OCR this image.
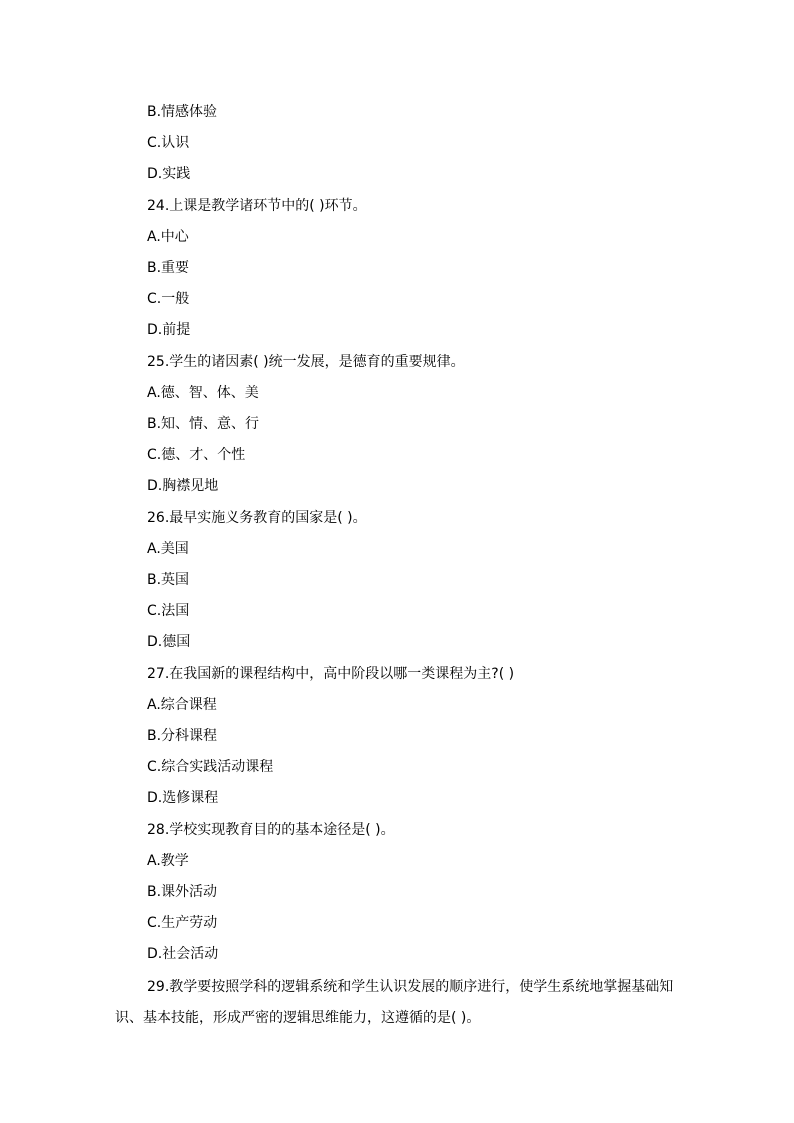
B.情感体验
C.认识
D.实践
24.上课是教学诸环节中的( )环节。
A.中心
B.重要
C.一般
D.前提
25.学生的诸因素( )统一发展，是德育的重要规律。
A.德、智、体、美
B.知、情、意、行
C.德、才、个性
D.胸襟见地
26.最早实施义务教育的国家是( )。
A.美国
B.英国
C.法国
D.德国
27.在我国新的课程结构中，高中阶段以哪一类课程为主?( )
A.综合课程
B.分科课程
C.综合实践活动课程
D.选修课程
28.学校实现教育目的的基本途径是( )。
A.教学
B.课外活动
C.生产劳动
D.社会活动
29.教学要按照学科的逻辑系统和学生认识发展的顺序进行，使学生系统地掌握基础知识、基本技能，形成严密的逻辑思维能力，这遵循的是( )。
